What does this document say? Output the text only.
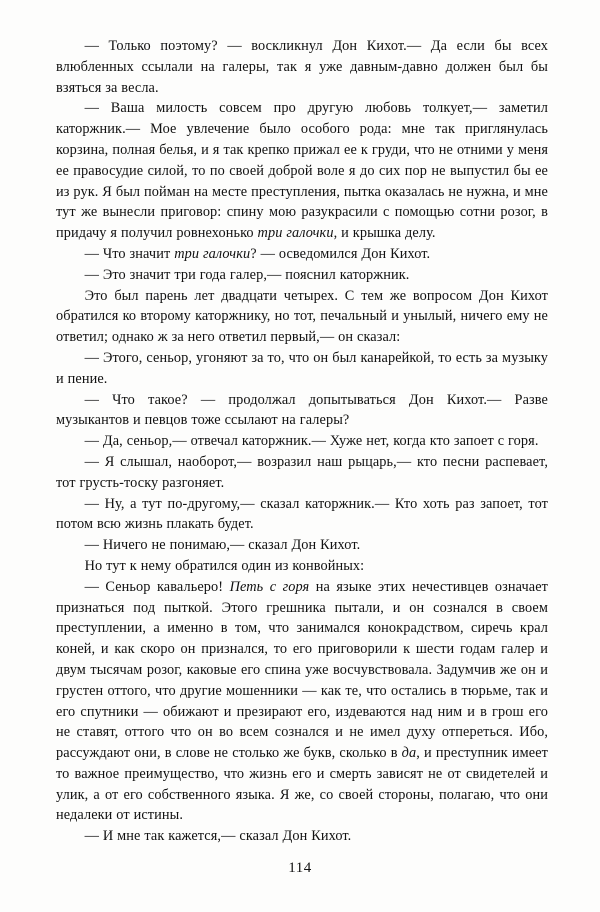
— Только поэтому? — воскликнул Дон Кихот.— Да если бы всех влюбленных ссылали на галеры, так я уже давным-давно должен был бы взяться за весла.

— Ваша милость совсем про другую любовь толкует,— заметил каторжник.— Мое увлечение было особого рода: мне так приглянулась корзина, полная белья, и я так крепко прижал ее к груди, что не отними у меня ее правосудие силой, то по своей доброй воле я до сих пор не выпустил бы ее из рук. Я был пойман на месте преступления, пытка оказалась не нужна, и мне тут же вынесли приговор: спину мою разукрасили с помощью сотни розог, в придачу я получил ровнехонько три галочки, и крышка делу.

— Что значит три галочки? — осведомился Дон Кихот.

— Это значит три года галер,— пояснил каторжник.

Это был парень лет двадцати четырех. С тем же вопросом Дон Кихот обратился ко второму каторжнику, но тот, печальный и унылый, ничего ему не ответил; однако ж за него ответил первый,— он сказал:

— Этого, сеньор, угоняют за то, что он был канарейкой, то есть за музыку и пение.

— Что такое? — продолжал допытываться Дон Кихот.— Разве музыкантов и певцов тоже ссылают на галеры?

— Да, сеньор,— отвечал каторжник.— Хуже нет, когда кто запоет с горя.

— Я слышал, наоборот,— возразил наш рыцарь,— кто песни распевает, тот грусть-тоску разгоняет.

— Ну, а тут по-другому,— сказал каторжник.— Кто хоть раз запоет, тот потом всю жизнь плакать будет.

— Ничего не понимаю,— сказал Дон Кихот.

Но тут к нему обратился один из конвойных:

— Сеньор кавальеро! Петь с горя на языке этих нечестивцев означает признаться под пыткой. Этого грешника пытали, и он сознался в своем преступлении, а именно в том, что занимался конокрадством, сиречь крал коней, и как скоро он признался, то его приговорили к шести годам галер и двум тысячам розог, каковые его спина уже восчувствовала. Задумчив же он и грустен оттого, что другие мошенники — как те, что остались в тюрьме, так и его спутники — обижают и презирают его, издеваются над ним и в грош его не ставят, оттого что он во всем сознался и не имел духу отпереться. Ибо, рассуждают они, в слове не столько же букв, сколько в да, и преступник имеет то важное преимущество, что жизнь его и смерть зависят не от свидетелей и улик, а от его собственного языка. Я же, со своей стороны, полагаю, что они недалеки от истины.

— И мне так кажется,— сказал Дон Кихот.

114
